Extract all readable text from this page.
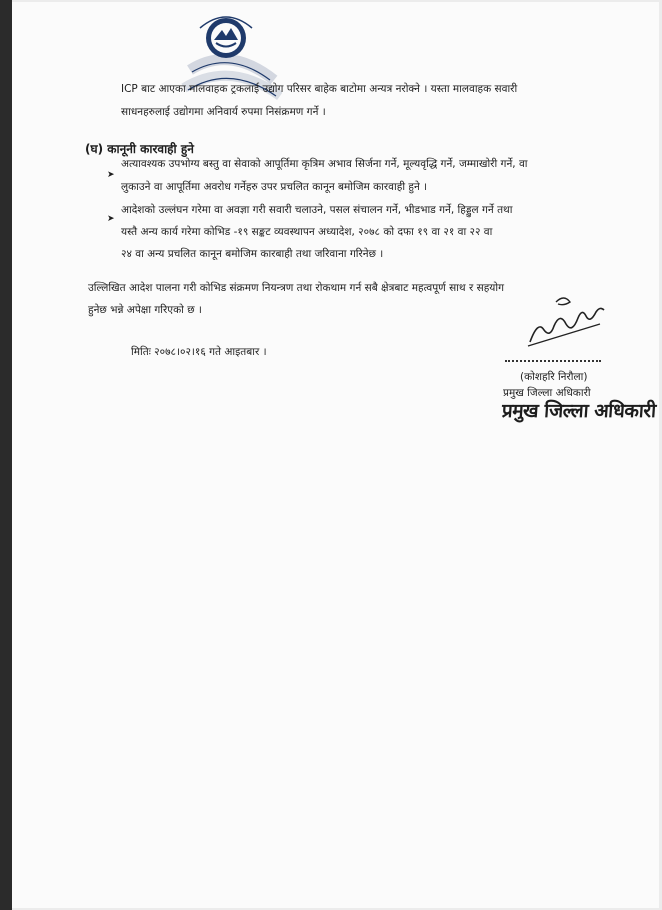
ICP बाट आएका मालवाहक ट्रकलाई उद्योग परिसर बाहेक बाटोमा अन्यत्र नरोक्ने । यस्ता मालवाहक सवारी
साधनहरुलाई उद्योगमा अनिवार्य रुपमा निसंक्रमण गर्ने ।
(घ) कानूनी कारवाही हुने
➤
अत्यावश्यक उपभोग्य बस्तु वा सेवाको आपूर्तिमा कृत्रिम अभाव सिर्जना गर्ने, मूल्यवृद्धि गर्ने, जम्माखोरी गर्ने, वा
लुकाउने वा आपूर्तिमा अवरोध गर्नेहरु उपर प्रचलित कानून बमोजिम कारवाही हुने ।
➤
आदेशको उल्लंघन गरेमा वा अवज्ञा गरी सवारी चलाउने, पसल संचालन गर्ने, भीडभाड गर्ने, हिड्डुल गर्ने तथा
यस्तै अन्य कार्य गरेमा कोभिड -१९ सङ्कट व्यवस्थापन अध्यादेश, २०७८ को दफा १९ वा २१ वा २२ वा
२४ वा अन्य प्रचलित कानून बमोजिम कारबाही तथा जरिवाना गरिनेछ ।
उल्लिखित आदेश पालना गरी कोभिड संक्रमण नियन्त्रण तथा रोकथाम गर्न सबै क्षेत्रबाट महत्वपूर्ण साथ र सहयोग
हुनेछ भन्ने अपेक्षा गरिएको छ ।
मितिः २०७८।०२।१६ गते आइतबार ।
(कोशहरि निरौला)
प्रमुख जिल्ला अधिकारी
प्रमुख जिल्ला अधिकारी
